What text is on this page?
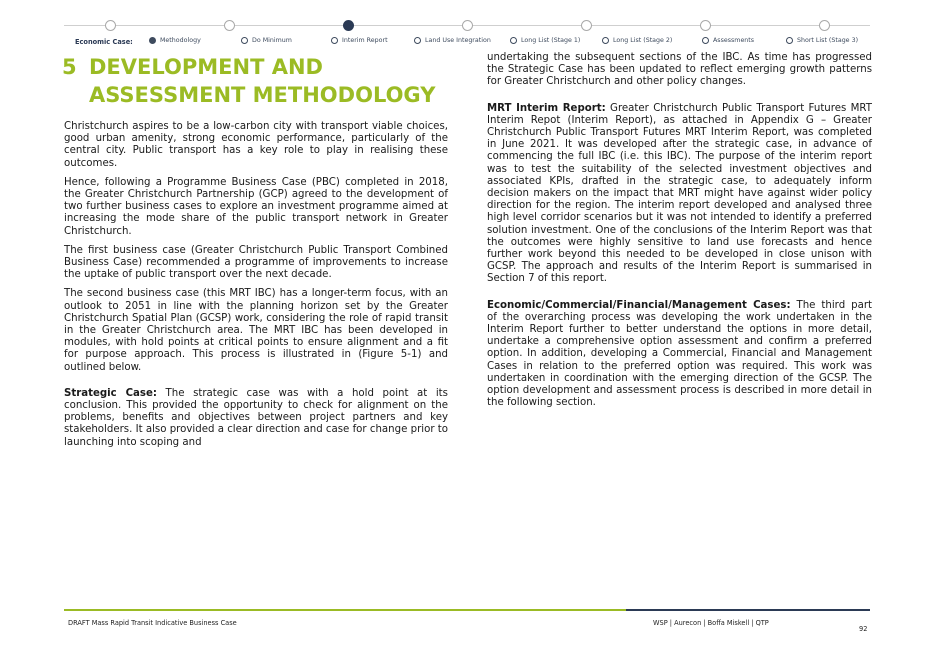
Economic Case:	Methodology	Do Minimum	Interim Report	Land Use Integration	Long List (Stage 1)	Long List (Stage 2)	Assessments	Short List (Stage 3)
5 DEVELOPMENT AND
ASSESSMENT METHODOLOGY

Christchurch aspires to be a low-carbon city with transport viable choices, good urban amenity, strong economic performance, particularly of the central city. Public transport has a key role to play in realising these outcomes.

Hence, following a Programme Business Case (PBC) completed in 2018, the Greater Christchurch Partnership (GCP) agreed to the development of two further business cases to explore an investment programme aimed at increasing the mode share of the public transport network in Greater Christchurch.

The first business case (Greater Christchurch Public Transport Combined Business Case) recommended a programme of improvements to increase the uptake of public transport over the next decade.

The second business case (this MRT IBC) has a longer-term focus, with an outlook to 2051 in line with the planning horizon set by the Greater Christchurch Spatial Plan (GCSP) work, considering the role of rapid transit in the Greater Christchurch area. The MRT IBC has been developed in modules, with hold points at critical points to ensure alignment and a fit for purpose approach. This process is illustrated in (Figure 5-1) and outlined below.

Strategic Case: The strategic case was with a hold point at its conclusion. This provided the opportunity to check for alignment on the problems, benefits and objectives between project partners and key stakeholders. It also provided a clear direction and case for change prior to launching into scoping and

undertaking the subsequent sections of the IBC. As time has progressed the Strategic Case has been updated to reflect emerging growth patterns for Greater Christchurch and other policy changes.

MRT Interim Report: Greater Christchurch Public Transport Futures MRT Interim Repot (Interim Report), as attached in Appendix G – Greater Christchurch Public Transport Futures MRT Interim Report, was completed in June 2021. It was developed after the strategic case, in advance of commencing the full IBC (i.e. this IBC). The purpose of the interim report was to test the suitability of the selected investment objectives and associated KPIs, drafted in the strategic case, to adequately inform decision makers on the impact that MRT might have against wider policy direction for the region. The interim report developed and analysed three high level corridor scenarios but it was not intended to identify a preferred solution investment. One of the conclusions of the Interim Report was that the outcomes were highly sensitive to land use forecasts and hence further work beyond this needed to be developed in close unison with GCSP. The approach and results of the Interim Report is summarised in Section 7 of this report.

Economic/Commercial/Financial/Management Cases: The third part of the overarching process was developing the work undertaken in the Interim Report further to better understand the options in more detail, undertake a comprehensive option assessment and confirm a preferred option. In addition, developing a Commercial, Financial and Management Cases in relation to the preferred option was required. This work was undertaken in coordination with the emerging direction of the GCSP. The option development and assessment process is described in more detail in the following section.

DRAFT Mass Rapid Transit Indicative Business Case	WSP | Aurecon | Boffa Miskell | QTP
92
